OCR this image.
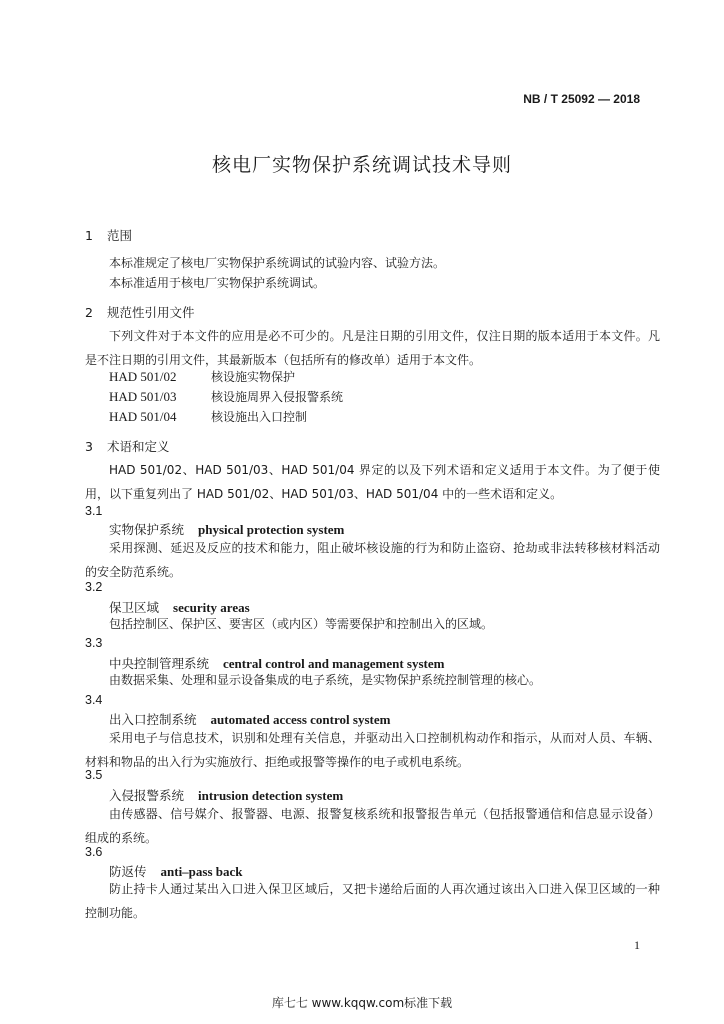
NB / T 25092 — 2018
核电厂实物保护系统调试技术导则
1 范围
本标准规定了核电厂实物保护系统调试的试验内容、试验方法。
本标准适用于核电厂实物保护系统调试。
2 规范性引用文件
下列文件对于本文件的应用是必不可少的。凡是注日期的引用文件，仅注日期的版本适用于本文件。凡是不注日期的引用文件，其最新版本（包括所有的修改单）适用于本文件。
HAD 501/02	核设施实物保护
HAD 501/03	核设施周界入侵报警系统
HAD 501/04	核设施出入口控制
3 术语和定义
HAD 501/02、HAD 501/03、HAD 501/04 界定的以及下列术语和定义适用于本文件。为了便于使用，以下重复列出了 HAD 501/02、HAD 501/03、HAD 501/04 中的一些术语和定义。
3.1
实物保护系统 physical protection system
采用探测、延迟及反应的技术和能力，阻止破坏核设施的行为和防止盗窃、抢劫或非法转移核材料活动的安全防范系统。
3.2
保卫区域 security areas
包括控制区、保护区、要害区（或内区）等需要保护和控制出入的区域。
3.3
中央控制管理系统 central control and management system
由数据采集、处理和显示设备集成的电子系统，是实物保护系统控制管理的核心。
3.4
出入口控制系统 automated access control system
采用电子与信息技术，识别和处理有关信息，并驱动出入口控制机构动作和指示，从而对人员、车辆、材料和物品的出入行为实施放行、拒绝或报警等操作的电子或机电系统。
3.5
入侵报警系统 intrusion detection system
由传感器、信号媒介、报警器、电源、报警复核系统和报警报告单元（包括报警通信和信息显示设备）组成的系统。
3.6
防返传 anti–pass back
防止持卡人通过某出入口进入保卫区域后，又把卡递给后面的人再次通过该出入口进入保卫区域的一种控制功能。
1
库七七 www.kqqw.com标准下载
